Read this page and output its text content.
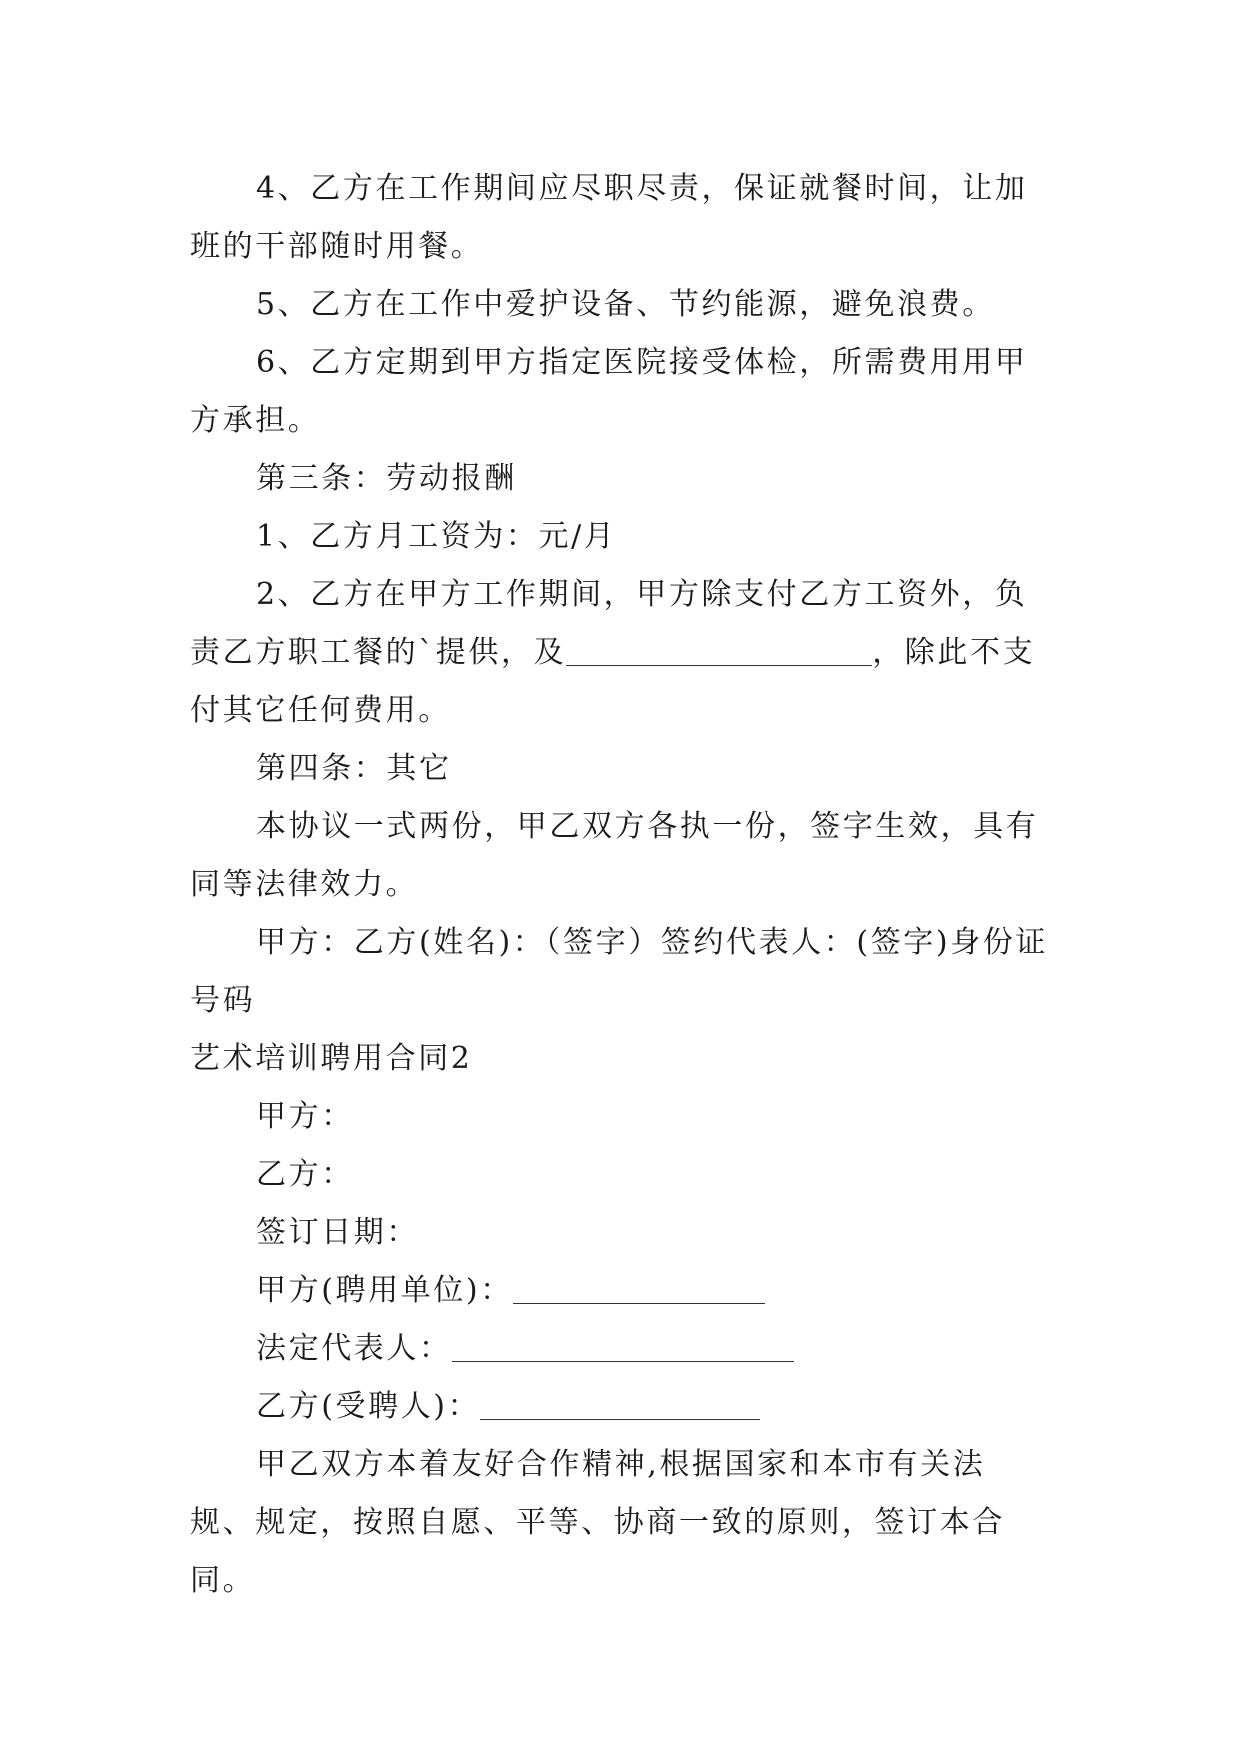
4、乙方在工作期间应尽职尽责，保证就餐时间，让加班的干部随时用餐。

5、乙方在工作中爱护设备、节约能源，避免浪费。

6、乙方定期到甲方指定医院接受体检，所需费用用甲方承担。

第三条：劳动报酬

1、乙方月工资为：元/月

2、乙方在甲方工作期间，甲方除支付乙方工资外，负责乙方职工餐的`提供，及	，除此不支付其它任何费用。

第四条：其它

本协议一式两份，甲乙双方各执一份，签字生效，具有同等法律效力。

甲方：乙方(姓名)：（签字）签约代表人：(签字)身份证号码

艺术培训聘用合同2

甲方：

乙方：

签订日期：

甲方(聘用单位)：

法定代表人：

乙方(受聘人)：

甲乙双方本着友好合作精神,根据国家和本市有关法规、规定，按照自愿、平等、协商一致的原则，签订本合同。
